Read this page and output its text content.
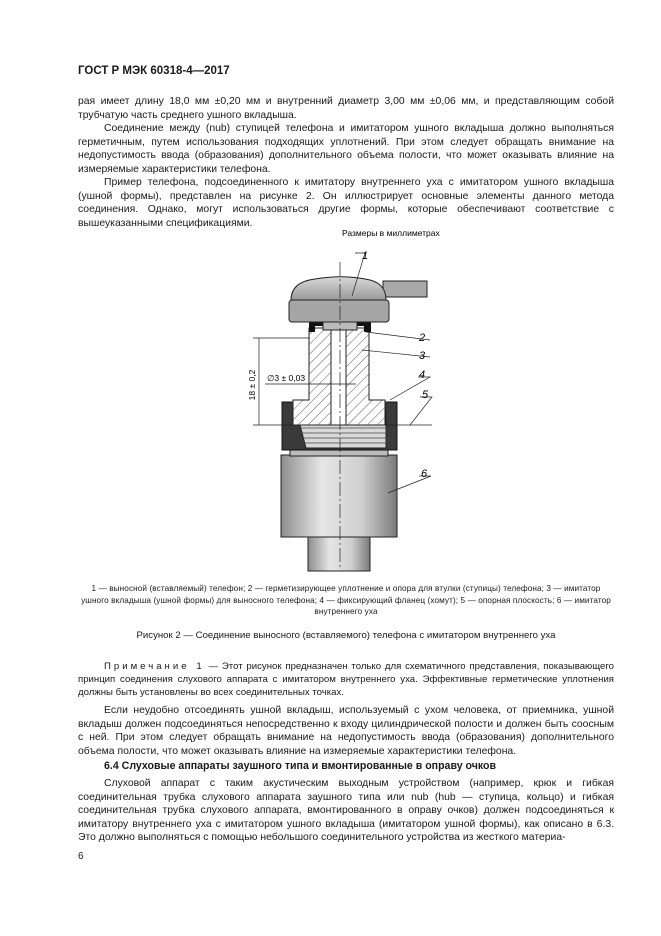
ГОСТ Р МЭК 60318-4—2017
рая имеет длину 18,0 мм ±0,20 мм и внутренний диаметр 3,00 мм ±0,06 мм, и представляющим собой трубчатую часть среднего ушного вкладыша.
Соединение между (nub) ступицей телефона и имитатором ушного вкладыша должно выполняться герметичным, путем использования подходящих уплотнений. При этом следует обращать внимание на недопустимость ввода (образования) дополнительного объема полости, что может оказывать влияние на измеряемые характеристики телефона.
Пример телефона, подсоединенного к имитатору внутреннего уха с имитатором ушного вкладыша (ушной формы), представлен на рисунке 2. Он иллюстрирует основные элементы данного метода соединения. Однако, могут использоваться другие формы, которые обеспечивают соответствие с вышеуказанными спецификациями.
Размеры в миллиметрах
18 ± 0,2 ∅3 ± 0,03
1
2
3
4
5
6
1 — выносной (вставляемый) телефон; 2 — герметизирующее уплотнение и опора для втулки (ступицы) телефона; 3 — имитатор ушного вкладыша (ушной формы) для выносного телефона; 4 — фиксирующий фланец (хомут); 5 — опорная плоскость; 6 — имитатор внутреннего уха
Рисунок 2 — Соединение выносного (вставляемого) телефона с имитатором внутреннего уха
Примечание 1 — Этот рисунок предназначен только для схематичного представления, показывающего принцип соединения слухового аппарата с имитатором внутреннего уха. Эффективные герметические уплотнения должны быть установлены во всех соединительных точках.
Если неудобно отсоединять ушной вкладыш, используемый с ухом человека, от приемника, ушной вкладыш должен подсоединяться непосредственно к входу цилиндрической полости и должен быть соосным с ней. При этом следует обращать внимание на недопустимость ввода (образования) дополнительного объема полости, что может оказывать влияние на измеряемые характеристики телефона.
6.4 Слуховые аппараты заушного типа и вмонтированные в оправу очков
Слуховой аппарат с таким акустическим выходным устройством (например, крюк и гибкая соединительная трубка слухового аппарата заушного типа или nub (hub — ступица, кольцо) и гибкая соединительная трубка слухового аппарата, вмонтированного в оправу очков) должен подсоединяться к имитатору внутреннего уха с имитатором ушного вкладыша (имитатором ушной формы), как описано в 6.3. Это должно выполняться с помощью небольшого соединительного устройства из жесткого материа-
6
